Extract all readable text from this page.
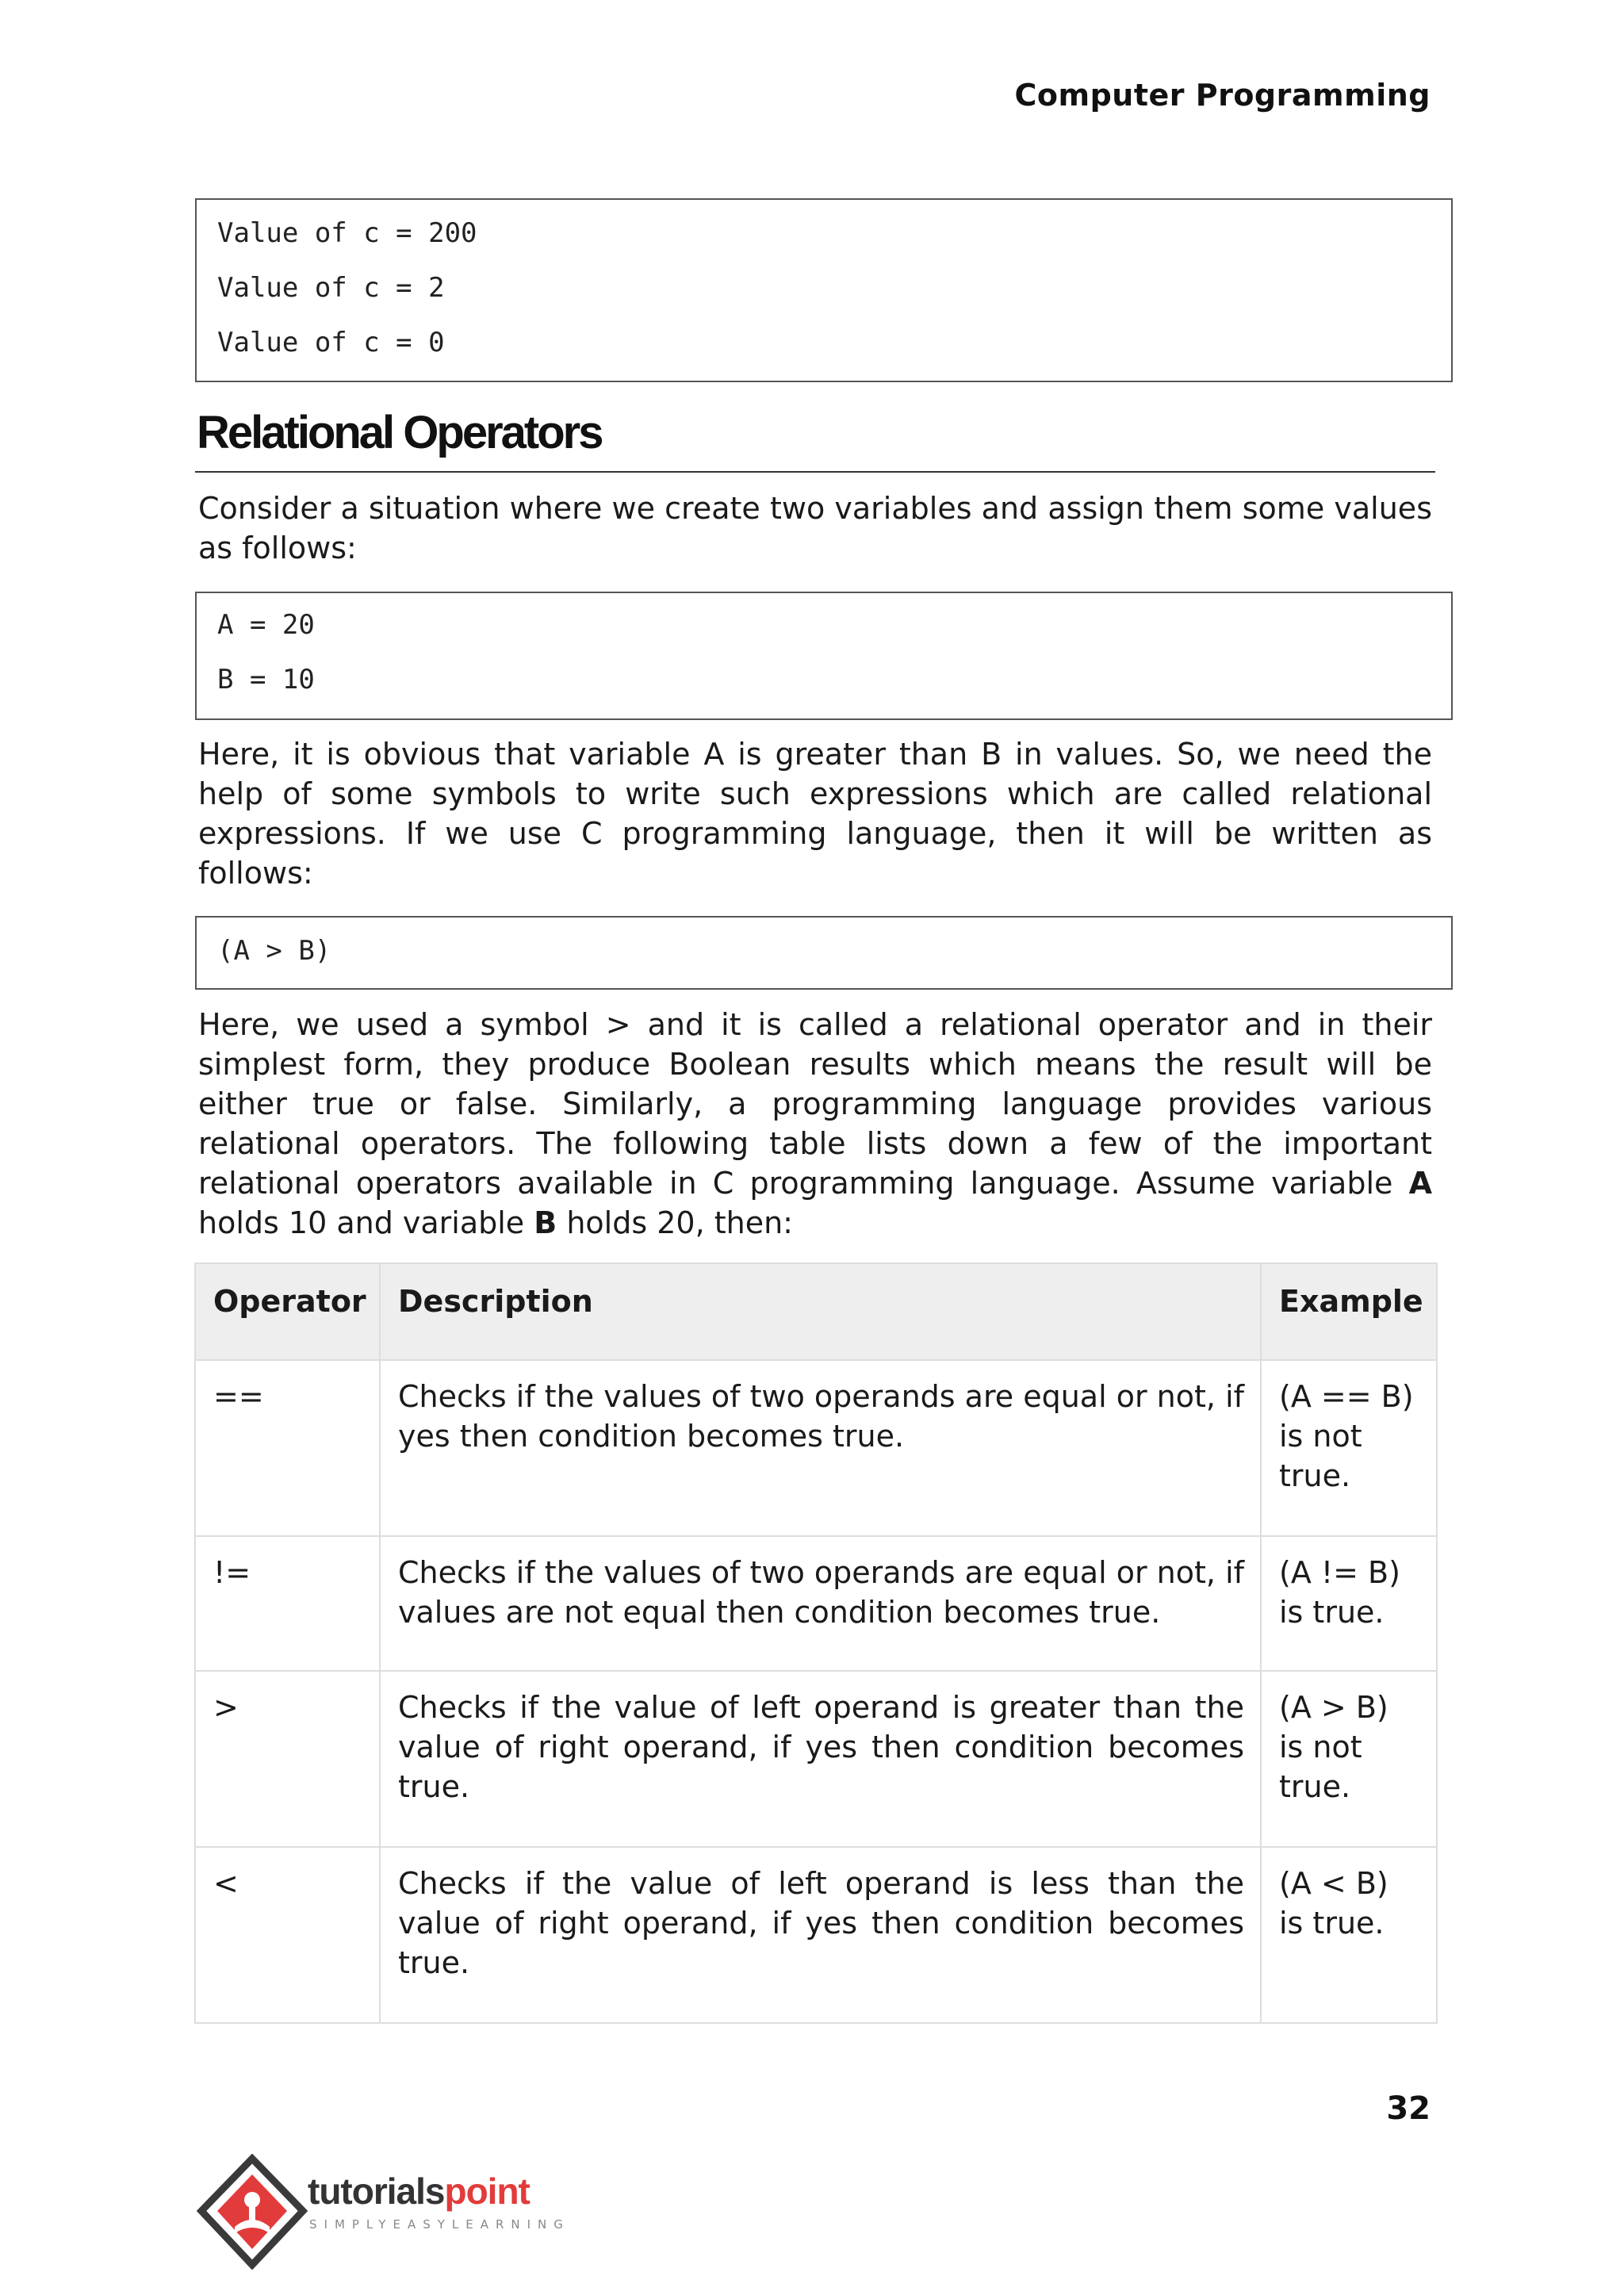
Computer Programming
Value of c = 200
Value of c = 2
Value of c = 0
Relational Operators
Consider a situation where we create two variables and assign them some values as follows:
A = 20
B = 10
Here, it is obvious that variable A is greater than B in values. So, we need the help of some symbols to write such expressions which are called relational expressions. If we use C programming language, then it will be written as follows:
(A > B)
Here, we used a symbol > and it is called a relational operator and in their simplest form, they produce Boolean results which means the result will be either true or false. Similarly, a programming language provides various relational operators. The following table lists down a few of the important relational operators available in C programming language. Assume variable A holds 10 and variable B holds 20, then:
Operator	Description	Example
==	Checks if the values of two operands are equal or not, if yes then condition becomes true.	(A == B) is not true.
!=	Checks if the values of two operands are equal or not, if values are not equal then condition becomes true.	(A != B) is true.
>	Checks if the value of left operand is greater than the value of right operand, if yes then condition becomes true.	(A > B) is not true.
<	Checks if the value of left operand is less than the value of right operand, if yes then condition becomes true.	(A < B) is true.
32
tutorialspoint
SIMPLYEASYLEARNING
